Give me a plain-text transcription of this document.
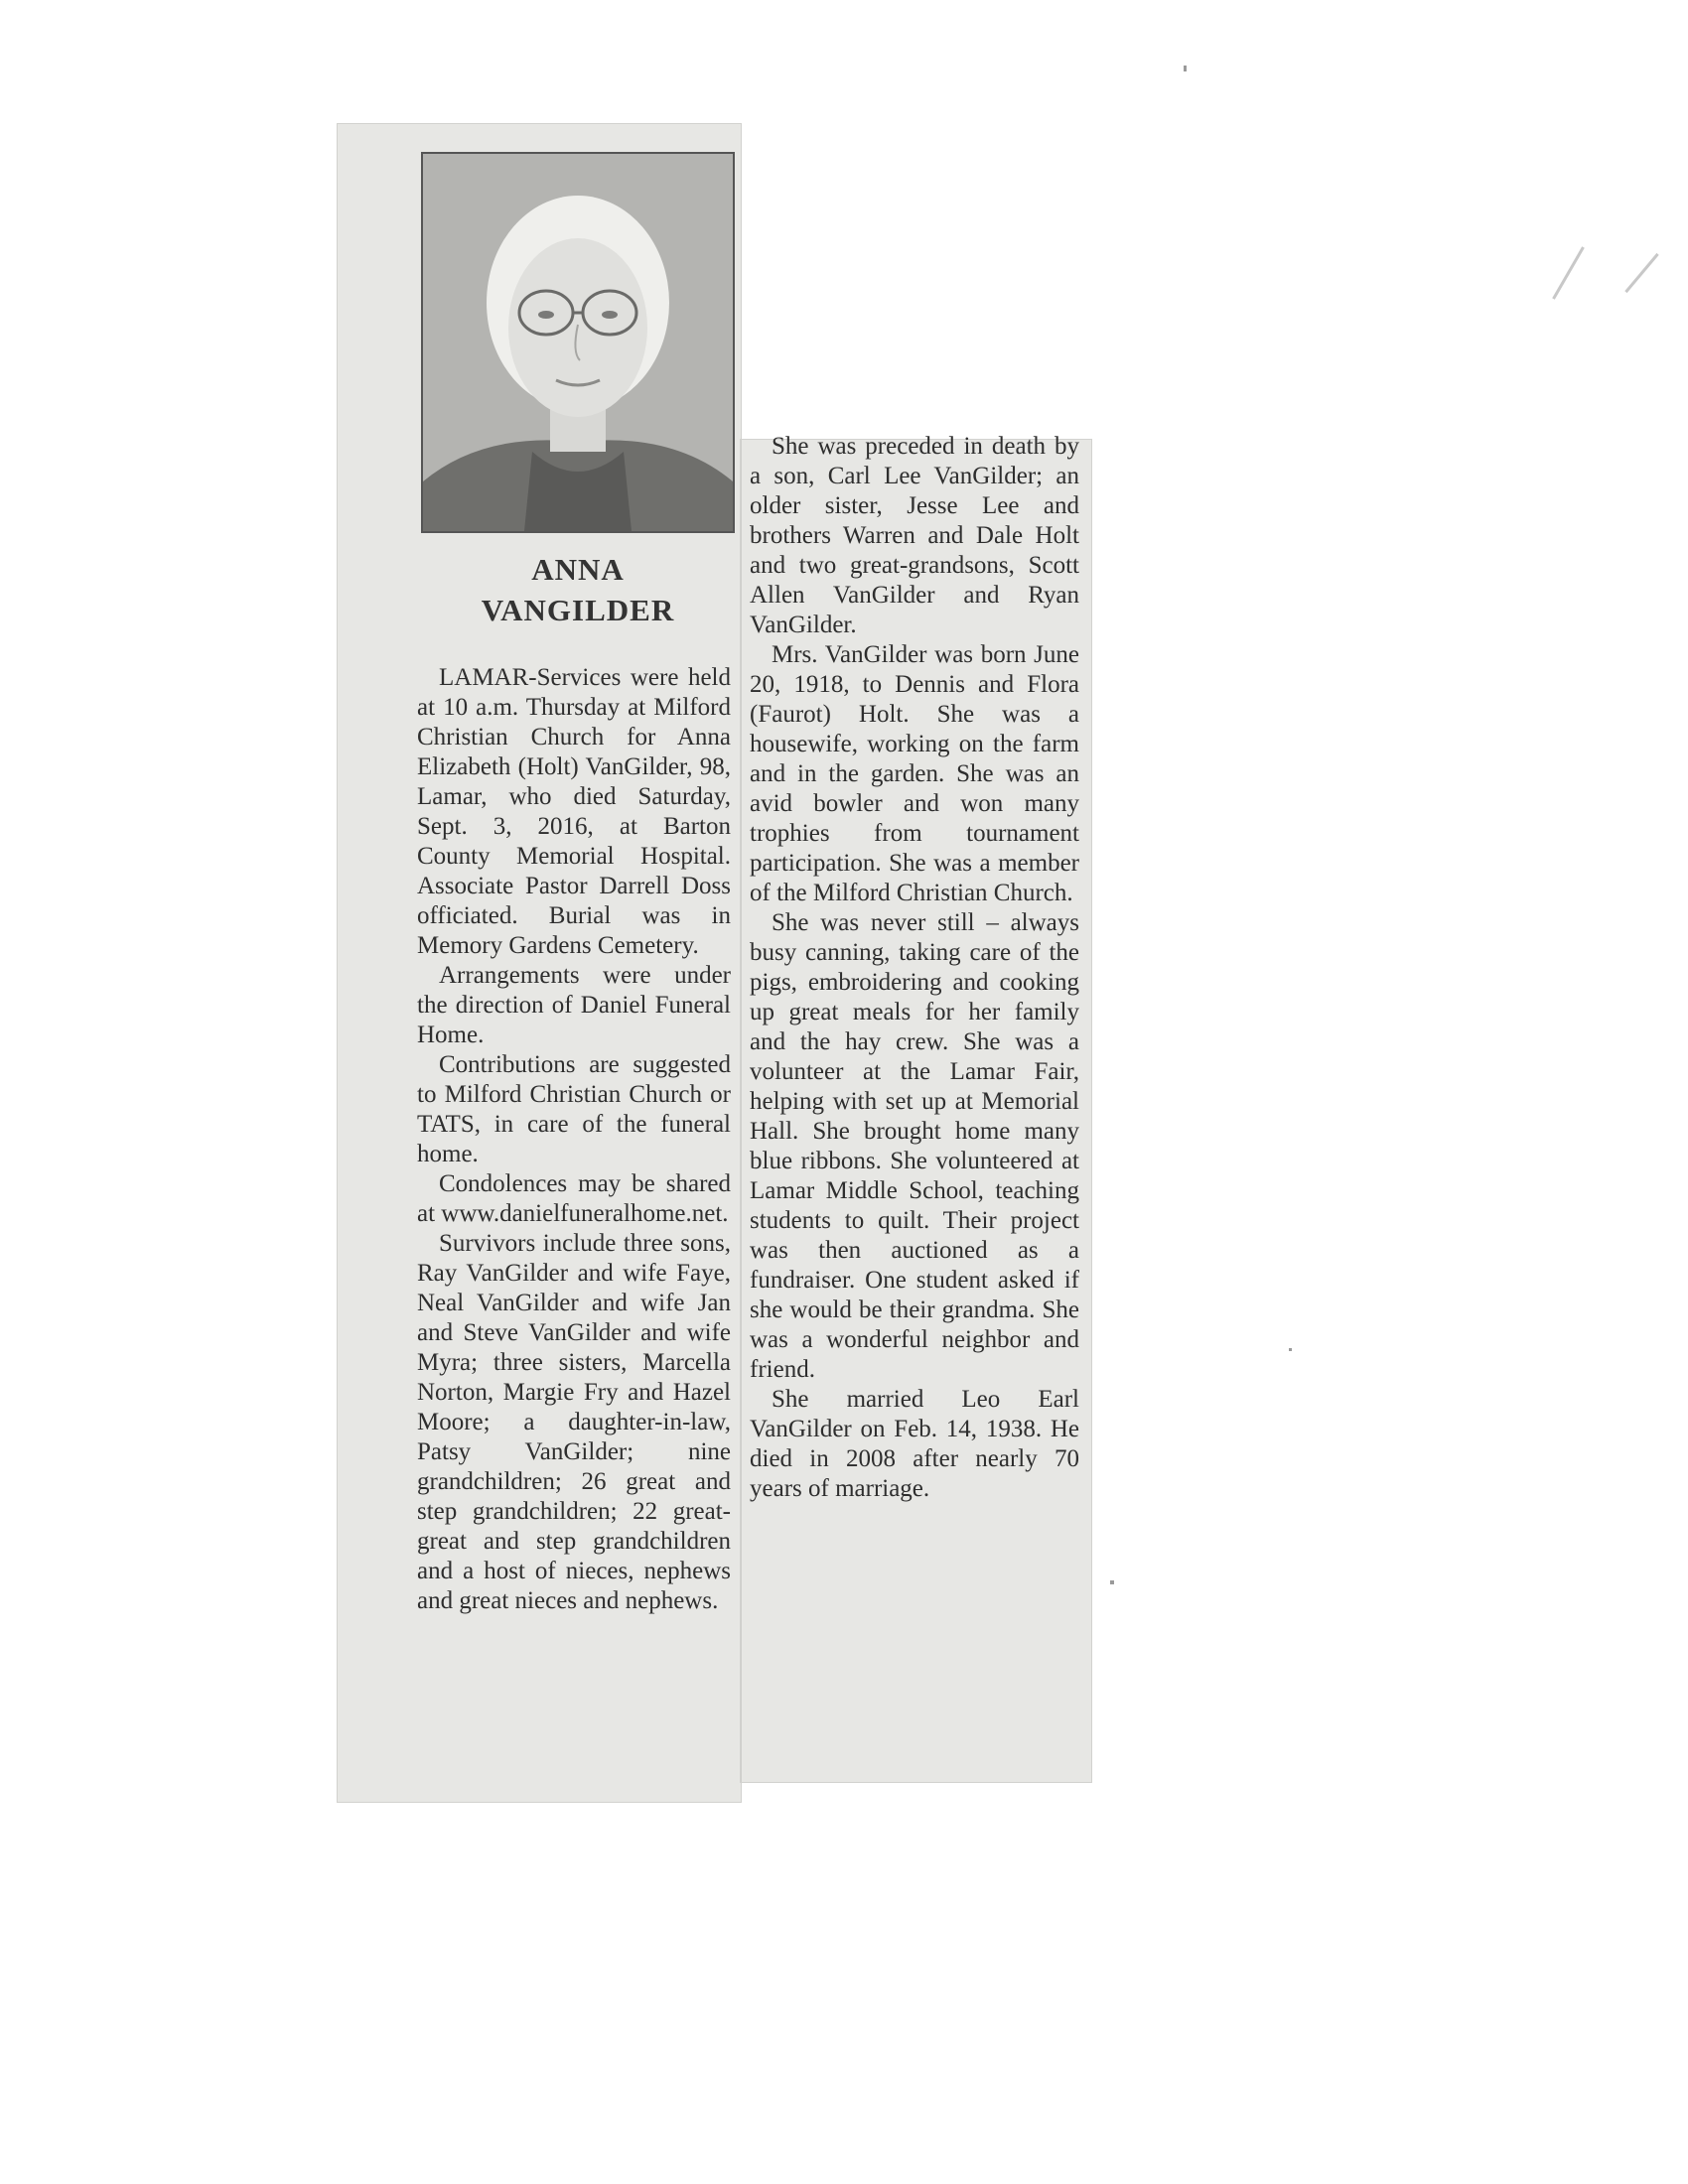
ANNA
VANGILDER

LAMAR-Services were held at 10 a.m. Thursday at Milford Christian Church for Anna Elizabeth (Holt) VanGilder, 98, Lamar, who died Saturday, Sept. 3, 2016, at Barton County Memorial Hospital. Associate Pastor Darrell Doss officiated. Burial was in Memory Gardens Cemetery.

Arrangements were under the direction of Daniel Funeral Home.

Contributions are suggested to Milford Christian Church or TATS, in care of the funeral home.

Condolences may be shared at www.danielfuneralhome.net.

Survivors include three sons, Ray VanGilder and wife Faye, Neal VanGilder and wife Jan and Steve VanGilder and wife Myra; three sisters, Marcella Norton, Margie Fry and Hazel Moore; a daughter-in-law, Patsy VanGilder; nine grandchildren; 26 great and step grandchildren; 22 great-great and step grandchildren and a host of nieces, nephews and great nieces and nephews.

She was preceded in death by a son, Carl Lee VanGilder; an older sister, Jesse Lee and brothers Warren and Dale Holt and two great-grandsons, Scott Allen VanGilder and Ryan VanGilder.

Mrs. VanGilder was born June 20, 1918, to Dennis and Flora (Faurot) Holt. She was a housewife, working on the farm and in the garden. She was an avid bowler and won many trophies from tournament participation. She was a member of the Milford Christian Church.

She was never still – always busy canning, taking care of the pigs, embroidering and cooking up great meals for her family and the hay crew. She was a volunteer at the Lamar Fair, helping with set up at Memorial Hall. She brought home many blue ribbons. She volunteered at Lamar Middle School, teaching students to quilt. Their project was then auctioned as a fundraiser. One student asked if she would be their grandma. She was a wonderful neighbor and friend.

She married Leo Earl VanGilder on Feb. 14, 1938. He died in 2008 after nearly 70 years of marriage.
